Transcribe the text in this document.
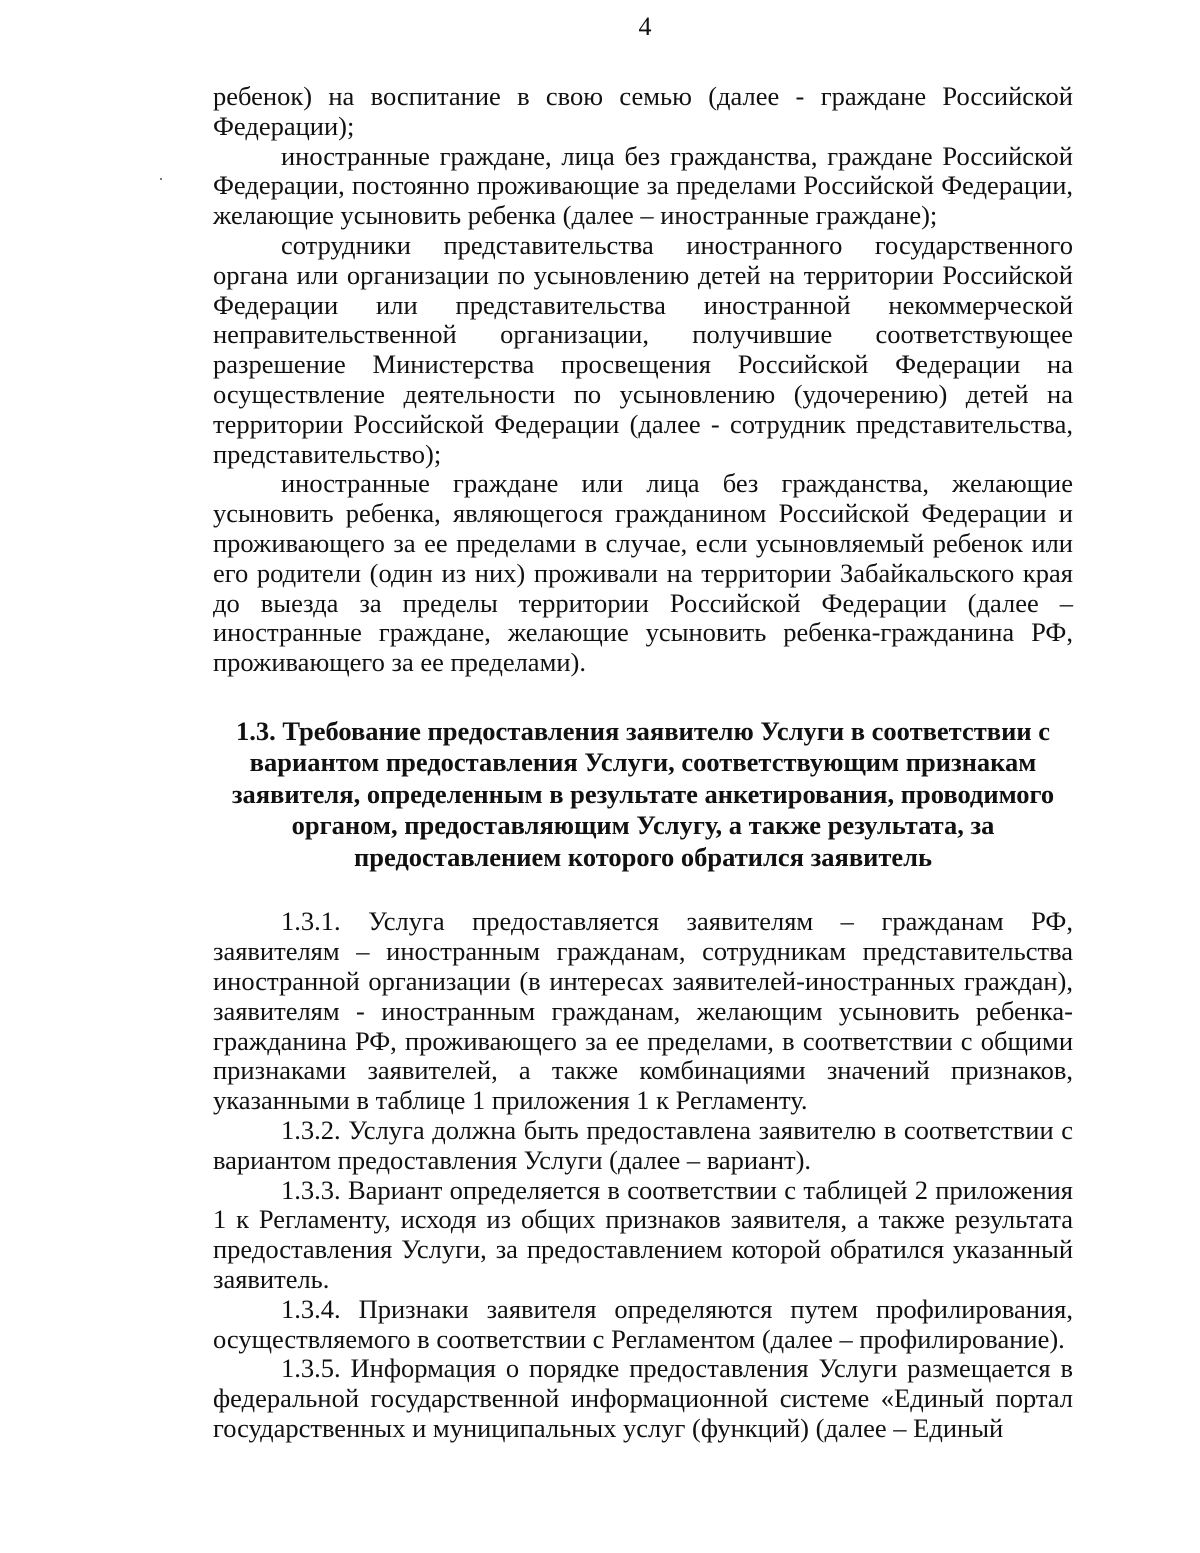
4

ребенок) на воспитание в свою семью (далее - граждане Российской Федерации);

иностранные граждане, лица без гражданства, граждане Российской Федерации, постоянно проживающие за пределами Российской Федерации, желающие усыновить ребенка (далее – иностранные граждане);

сотрудники представительства иностранного государственного органа или организации по усыновлению детей на территории Российской Федерации или представительства иностранной некоммерческой неправительственной организации, получившие соответствующее разрешение Министерства просвещения Российской Федерации на осуществление деятельности по усыновлению (удочерению) детей на территории Российской Федерации (далее - сотрудник представительства, представительство);

иностранные граждане или лица без гражданства, желающие усыновить ребенка, являющегося гражданином Российской Федерации и проживающего за ее пределами в случае, если усыновляемый ребенок или его родители (один из них) проживали на территории Забайкальского края до выезда за пределы территории Российской Федерации (далее – иностранные граждане, желающие усыновить ребенка-гражданина РФ, проживающего за ее пределами).

1.3. Требование предоставления заявителю Услуги в соответствии с вариантом предоставления Услуги, соответствующим признакам заявителя, определенным в результате анкетирования, проводимого органом, предоставляющим Услугу, а также результата, за предоставлением которого обратился заявитель

1.3.1. Услуга предоставляется заявителям – гражданам РФ, заявителям – иностранным гражданам, сотрудникам представительства иностранной организации (в интересах заявителей-иностранных граждан), заявителям - иностранным гражданам, желающим усыновить ребенка-гражданина РФ, проживающего за ее пределами, в соответствии с общими признаками заявителей, а также комбинациями значений признаков, указанными в таблице 1 приложения 1 к Регламенту.

1.3.2. Услуга должна быть предоставлена заявителю в соответствии с вариантом предоставления Услуги (далее – вариант).

1.3.3. Вариант определяется в соответствии с таблицей 2 приложения 1 к Регламенту, исходя из общих признаков заявителя, а также результата предоставления Услуги, за предоставлением которой обратился указанный заявитель.

1.3.4. Признаки заявителя определяются путем профилирования, осуществляемого в соответствии с Регламентом (далее – профилирование).

1.3.5. Информация о порядке предоставления Услуги размещается в федеральной государственной информационной системе «Единый портал государственных и муниципальных услуг (функций) (далее – Единый
